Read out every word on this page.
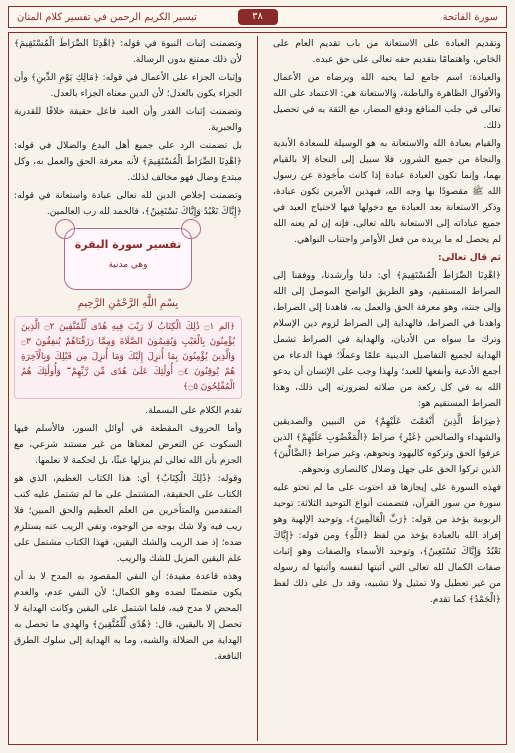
سورة الفاتحة
٣٨
تيسير الكريم الرحمن في تفسير كلام المنان

وتقديم العبادة على الاستعانة من باب تقديم العام على الخاص، واهتمامًا بتقديم حقه تعالى على حق عبده.

والعبادة: اسم جامع لما يحبه الله ويرضاه من الأعمال والأقوال الظاهرة والباطنة، والاستعانة هي: الاعتماد على الله تعالى في جلب المنافع ودفع المضار، مع الثقة به في تحصيل ذلك.

والقيام بعبادة الله والاستعانة به هو الوسيلة للسعادة الأبدية والنجاة من جميع الشرور، فلا سبيل إلى النجاة إلا بالقيام بهما، وإنما تكون العبادة عبادة إذا كانت مأخوذة عن رسول الله ﷺ مقصودًا بها وجه الله، فبهذين الأمرين تكون عبادة، وذكر الاستعانة بعد العبادة مع دخولها فيها لاحتياج العبد في جميع عباداته إلى الاستعانة بالله تعالى، فإنه إن لم يعنه الله لم يحصل له ما يريده من فعل الأوامر واجتناب النواهي.

ثم قال تعالى:

﴿اهْدِنَا الصِّرَاطَ الْمُسْتَقِيمَ﴾ أي: دلنا وأرشدنا، ووفقنا إلى الصراط المستقيم، وهو الطريق الواضح الموصل إلى الله وإلى جنته، وهو معرفة الحق والعمل به، فاهدنا إلى الصراط، واهدنا في الصراط، فالهداية إلى الصراط لزوم دين الإسلام وترك ما سواه من الأديان، والهداية في الصراط تشمل الهداية لجميع التفاصيل الدينية علمًا وعملًا؛ فهذا الدعاء من أجمع الأدعية وأنفعها للعبد؛ ولهذا وجب على الإنسان أن يدعو الله به في كل ركعة من صلاته لضرورته إلى ذلك، وهذا الصراط المستقيم هو:

﴿صِرَاطَ الَّذِينَ أَنْعَمْتَ عَلَيْهِمْ﴾ من النبيين والصديقين والشهداء والصالحين ﴿غَيْرِ﴾ صراط ﴿الْمَغْضُوبِ عَلَيْهِمْ﴾ الذين عرفوا الحق وتركوه كاليهود ونحوهم، وغير صراط ﴿الضَّالِّينَ﴾ الذين تركوا الحق على جهل وضلال كالنصارى ونحوهم.

فهذه السورة على إيجازها قد احتوت على ما لم تحتو عليه سورة من سور القرآن، فتضمنت أنواع التوحيد الثلاثة: توحيد الربوبية يؤخذ من قوله: ﴿رَبِّ الْعَالَمِينَ﴾، وتوحيد الإلهية وهو إفراد الله بالعبادة يؤخذ من لفظ ﴿اللَّهِ﴾ ومن قوله: ﴿إِيَّاكَ نَعْبُدُ وَإِيَّاكَ نَسْتَعِينُ﴾، وتوحيد الأسماء والصفات وهو إثبات صفات الكمال لله تعالى التي أثبتها لنفسه وأثبتها له رسوله من غير تعطيل ولا تمثيل ولا تشبيه، وقد دل على ذلك لفظ ﴿الْحَمْدُ﴾ كما تقدم.

وتضمنت إثبات النبوة في قوله: ﴿اهْدِنَا الصِّرَاطَ الْمُسْتَقِيمَ﴾ لأن ذلك ممتنع بدون الرسالة.

وإثبات الجزاء على الأعمال في قوله: ﴿مَالِكِ يَوْمِ الدِّينِ﴾ وأن الجزاء يكون بالعدل؛ لأن الدين معناه الجزاء بالعدل.

وتضمنت إثبات القدر وأن العبد فاعل حقيقة خلافًا للقدرية والجبرية.

بل تضمنت الرد على جميع أهل البدع والضلال في قوله: ﴿اهْدِنَا الصِّرَاطَ الْمُسْتَقِيمَ﴾ لأنه معرفة الحق والعمل به، وكل مبتدع وضال فهو مخالف لذلك.

وتضمنت إخلاص الدين لله تعالى عبادة واستعانة في قوله: ﴿إِيَّاكَ نَعْبُدُ وَإِيَّاكَ نَسْتَعِينُ﴾، فالحمد لله رب العالمين.

تفسير سورة البقرة
وهي مدنية
بِسْمِ اللَّهِ الرَّحْمَٰنِ الرَّحِيمِ
﴿الم ۝١ ذَٰلِكَ الْكِتَابُ لَا رَيْبَ فِيهِ هُدًى لِّلْمُتَّقِينَ ۝٢ الَّذِينَ يُؤْمِنُونَ بِالْغَيْبِ وَيُقِيمُونَ الصَّلَاةَ وَمِمَّا رَزَقْنَاهُمْ يُنفِقُونَ ۝٣ وَالَّذِينَ يُؤْمِنُونَ بِمَا أُنزِلَ إِلَيْكَ وَمَا أُنزِلَ مِن قَبْلِكَ وَبِالْآخِرَةِ هُمْ يُوقِنُونَ ۝٤ أُولَٰئِكَ عَلَىٰ هُدًى مِّن رَّبِّهِمْ ۖ وَأُولَٰئِكَ هُمُ الْمُفْلِحُونَ ۝٥﴾

تقدم الكلام على البسملة.

وأما الحروف المقطعة في أوائل السور، فالأسلم فيها السكوت عن التعرض لمعناها من غير مستند شرعي، مع الجزم بأن الله تعالى لم ينزلها عبثًا، بل لحكمة لا نعلمها.

وقوله: ﴿ذَٰلِكَ الْكِتَابُ﴾ أي: هذا الكتاب العظيم، الذي هو الكتاب على الحقيقة، المشتمل على ما لم تشتمل عليه كتب المتقدمين والمتأخرين من العلم العظيم والحق المبين؛ فلا ريب فيه ولا شك بوجه من الوجوه، ونفي الريب عنه يستلزم ضده؛ إذ ضد الريب والشك اليقين، فهذا الكتاب مشتمل على علم اليقين المزيل للشك والريب.

وهذه قاعدة مفيدة: أن النفي المقصود به المدح لا بد أن يكون متضمنًا لضده وهو الكمال؛ لأن النفي عدم، والعدم المحض لا مدح فيه، فلما اشتمل على اليقين وكانت الهداية لا تحصل إلا باليقين، قال: ﴿هُدًى لِّلْمُتَّقِينَ﴾ والهدى ما تحصل به الهداية من الضلالة والشبه، وما به الهداية إلى سلوك الطرق النافعة.
